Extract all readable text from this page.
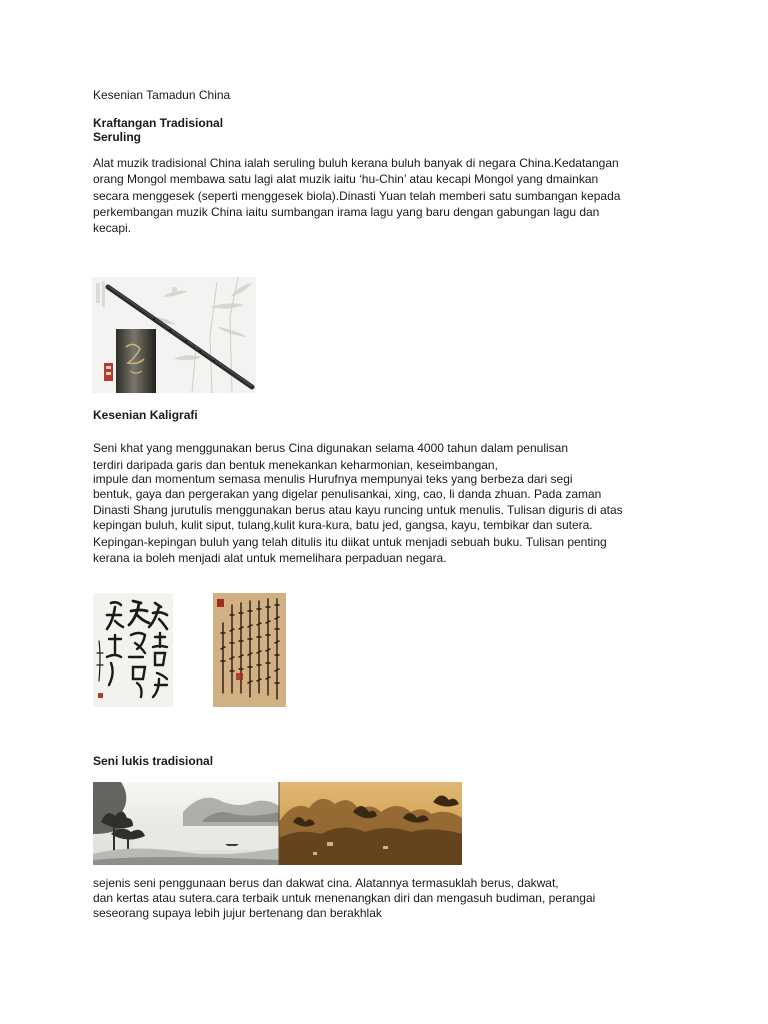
Kesenian Tamadun China
Kraftangan Tradisional
Seruling
Alat muzik tradisional China ialah seruling buluh kerana buluh banyak di negara China.Kedatangan
orang Mongol membawa satu lagi alat muzik iaitu ‘hu-Chin’ atau kecapi Mongol yang dmainkan
secara menggesek (seperti menggesek biola).Dinasti Yuan telah memberi satu sumbangan kepada
perkembangan muzik China iaitu sumbangan irama lagu yang baru dengan gabungan lagu dan
kecapi.
Kesenian Kaligrafi
Seni khat yang menggunakan berus Cina digunakan selama 4000 tahun dalam penulisan
terdiri daripada garis dan bentuk menekankan keharmonian, keseimbangan,
impule dan momentum semasa menulis Hurufnya mempunyai teks yang berbeza dari segi
bentuk, gaya dan pergerakan yang digelar penulisankai, xing, cao, li danda zhuan. Pada zaman
Dinasti Shang jurutulis menggunakan berus atau kayu runcing untuk menulis. Tulisan diguris di atas
kepingan buluh, kulit siput, tulang,kulit kura-kura, batu jed, gangsa, kayu, tembikar dan sutera.
Kepingan-kepingan buluh yang telah ditulis itu diikat untuk menjadi sebuah buku. Tulisan penting
kerana ia boleh menjadi alat untuk memelihara perpaduan negara.
Seni lukis tradisional
sejenis seni penggunaan berus dan dakwat cina. Alatannya termasuklah berus, dakwat,
dan kertas atau sutera.cara terbaik untuk menenangkan diri dan mengasuh budiman, perangai
seseorang supaya lebih jujur bertenang dan berakhlak
